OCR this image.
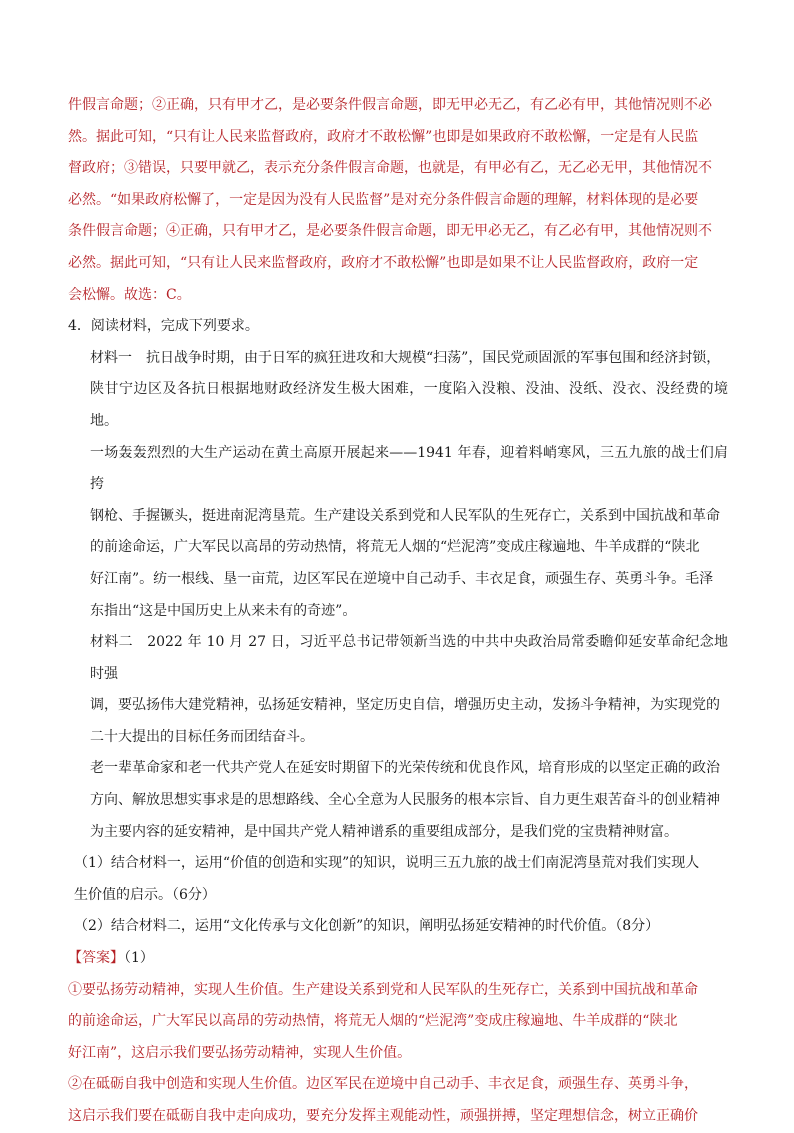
件假言命题；②正确，只有甲才乙，是必要条件假言命题，即无甲必无乙，有乙必有甲，其他情况则不必

然。据此可知，“只有让人民来监督政府，政府才不敢松懈”也即是如果政府不敢松懈，一定是有人民监

督政府；③错误，只要甲就乙，表示充分条件假言命题，也就是，有甲必有乙，无乙必无甲，其他情况不

必然。“如果政府松懈了，一定是因为没有人民监督”是对充分条件假言命题的理解，材料体现的是必要

条件假言命题；④正确，只有甲才乙，是必要条件假言命题，即无甲必无乙，有乙必有甲，其他情况则不

必然。据此可知，“只有让人民来监督政府，政府才不敢松懈”也即是如果不让人民监督政府，政府一定

会松懈。故选：C。

4．阅读材料，完成下列要求。

材料一　抗日战争时期，由于日军的疯狂进攻和大规模“扫荡”，国民党顽固派的军事包围和经济封锁，

陕甘宁边区及各抗日根据地财政经济发生极大困难，一度陷入没粮、没油、没纸、没衣、没经费的境地。

一场轰轰烈烈的大生产运动在黄土高原开展起来——1941 年春，迎着料峭寒风，三五九旅的战士们肩挎

钢枪、手握镢头，挺进南泥湾垦荒。生产建设关系到党和人民军队的生死存亡，关系到中国抗战和革命

的前途命运，广大军民以高昂的劳动热情，将荒无人烟的“烂泥湾”变成庄稼遍地、牛羊成群的“陕北

好江南”。纺一根线、垦一亩荒，边区军民在逆境中自己动手、丰衣足食，顽强生存、英勇斗争。毛泽

东指出“这是中国历史上从来未有的奇迹”。

材料二　2022 年 10 月 27 日，习近平总书记带领新当选的中共中央政治局常委瞻仰延安革命纪念地时强

调，要弘扬伟大建党精神，弘扬延安精神，坚定历史自信，增强历史主动，发扬斗争精神，为实现党的

二十大提出的目标任务而团结奋斗。

老一辈革命家和老一代共产党人在延安时期留下的光荣传统和优良作风，培育形成的以坚定正确的政治

方向、解放思想实事求是的思想路线、全心全意为人民服务的根本宗旨、自力更生艰苦奋斗的创业精神

为主要内容的延安精神，是中国共产党人精神谱系的重要组成部分，是我们党的宝贵精神财富。

（1）结合材料一，运用“价值的创造和实现”的知识，说明三五九旅的战士们南泥湾垦荒对我们实现人

生价值的启示。（6分）

（2）结合材料二，运用“文化传承与文化创新”的知识，阐明弘扬延安精神的时代价值。（8分）

【答案】（1）

①要弘扬劳动精神，实现人生价值。生产建设关系到党和人民军队的生死存亡，关系到中国抗战和革命

的前途命运，广大军民以高昂的劳动热情，将荒无人烟的“烂泥湾”变成庄稼遍地、牛羊成群的“陕北

好江南”，这启示我们要弘扬劳动精神，实现人生价值。

②在砥砺自我中创造和实现人生价值。边区军民在逆境中自己动手、丰衣足食，顽强生存、英勇斗争，

这启示我们要在砥砺自我中走向成功，要充分发挥主观能动性，顽强拼搏，坚定理想信念，树立正确价
